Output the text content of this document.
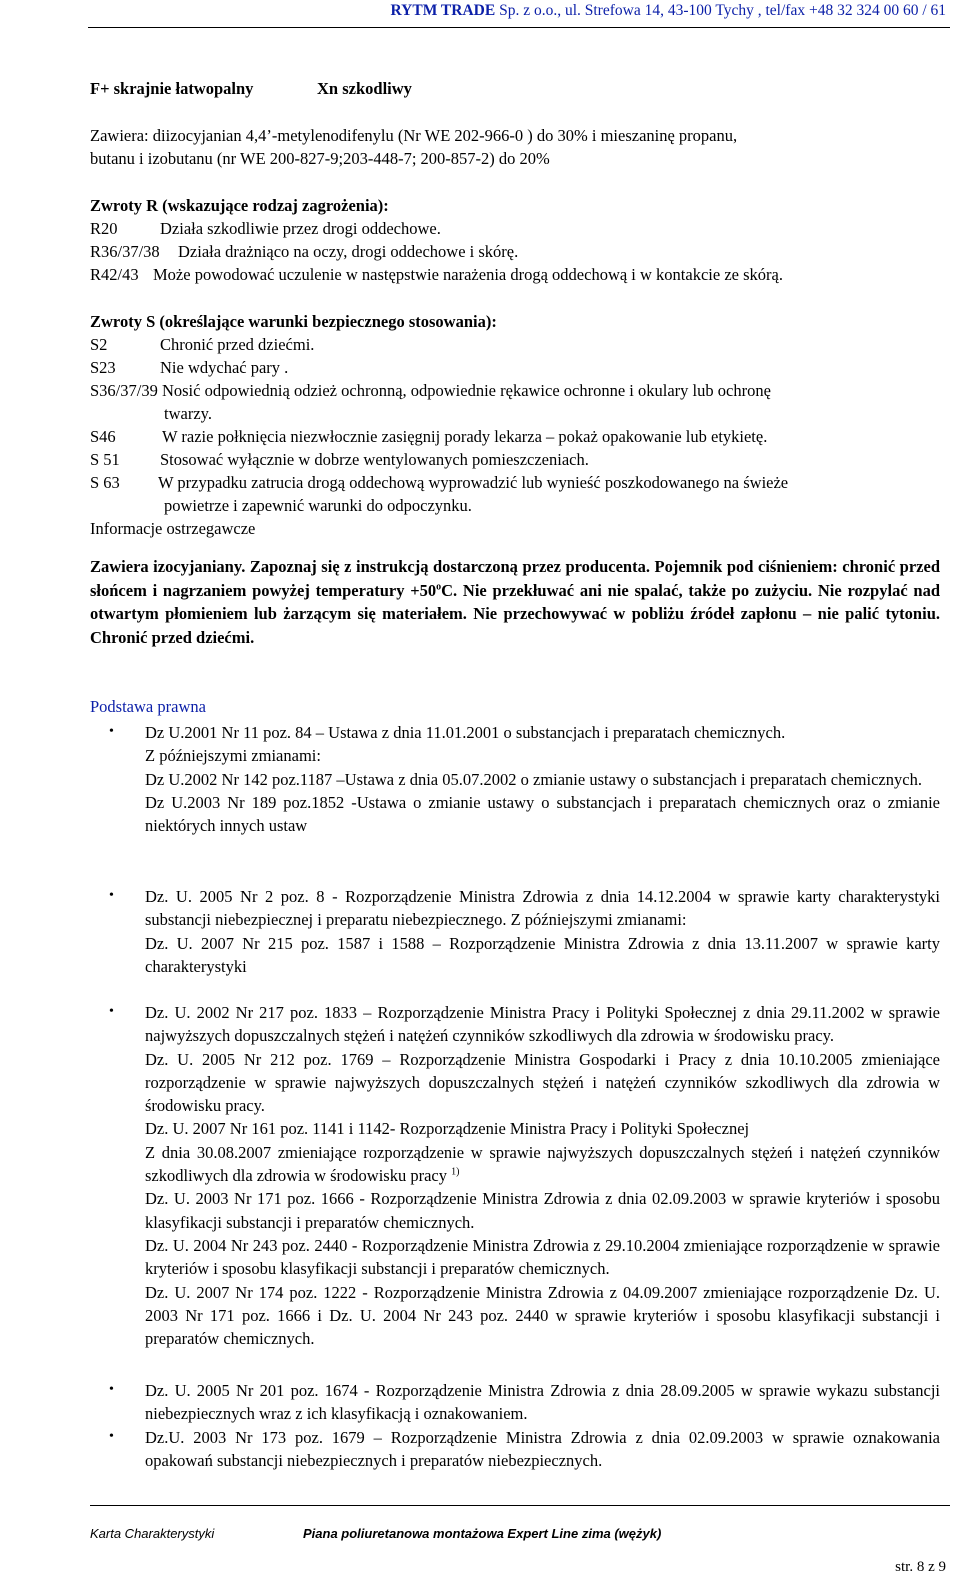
RYTM TRADE Sp. z o.o., ul. Strefowa 14, 43-100 Tychy , tel/fax +48 32 324 00 60 / 61
F+ skrajnie łatwopalny	Xn szkodliwy
Zawiera: diizocyjanian 4,4’-metylenodifenylu (Nr WE 202-966-0 ) do 30% i mieszaninę propanu,
butanu i izobutanu (nr WE 200-827-9;203-448-7; 200-857-2) do 20%
Zwroty R (wskazujące rodzaj zagrożenia):
R20	Działa szkodliwie przez drogi oddechowe.
R36/37/38 Działa drażniąco na oczy, drogi oddechowe i skórę.
R42/43 Może powodować uczulenie w następstwie narażenia drogą oddechową i w kontakcie ze skórą.
Zwroty S (określające warunki bezpiecznego stosowania):
S2	Chronić przed dziećmi.
S23	Nie wdychać pary .
S36/37/39 Nosić odpowiednią odzież ochronną, odpowiednie rękawice ochronne i okulary lub ochronę
twarzy.
S46	W razie połknięcia niezwłocznie zasięgnij porady lekarza – pokaż opakowanie lub etykietę.
S 51 Stosować wyłącznie w dobrze wentylowanych pomieszczeniach.
S 63 W przypadku zatrucia drogą oddechową wyprowadzić lub wynieść poszkodowanego na świeże
powietrze i zapewnić warunki do odpoczynku.
Informacje ostrzegawcze
Zawiera izocyjaniany. Zapoznaj się z instrukcją dostarczoną przez producenta. Pojemnik pod ciśnieniem: chronić przed słońcem i nagrzaniem powyżej temperatury $+50^oC$. Nie przekłuwać ani nie spalać, także po zużyciu. Nie rozpylać nad otwartym płomieniem lub żarzącym się materiałem. Nie przechowywać w pobliżu źródeł zapłonu – nie palić tytoniu. Chronić przed dziećmi.
Podstawa prawna
• Dz U.2001 Nr 11 poz. 84 – Ustawa z dnia 11.01.2001 o substancjach i preparatach chemicznych.
Z późniejszymi zmianami:
Dz U.2002 Nr 142 poz.1187 –Ustawa z dnia 05.07.2002 o zmianie ustawy o substancjach i preparatach chemicznych.
Dz U.2003 Nr 189 poz.1852 -Ustawa o zmianie ustawy o substancjach i preparatach chemicznych oraz o zmianie niektórych innych ustaw
• Dz. U. 2005 Nr 2 poz. 8 - Rozporządzenie Ministra Zdrowia z dnia 14.12.2004 w sprawie karty charakterystyki substancji niebezpiecznej i preparatu niebezpiecznego. Z późniejszymi zmianami:
Dz. U. 2007 Nr 215 poz. 1587 i 1588 – Rozporządzenie Ministra Zdrowia z dnia 13.11.2007 w sprawie karty charakterystyki
• Dz. U. 2002 Nr 217 poz. 1833 – Rozporządzenie Ministra Pracy i Polityki Społecznej z dnia 29.11.2002 w sprawie najwyższych dopuszczalnych stężeń i natężeń czynników szkodliwych dla zdrowia w środowisku pracy.
Dz. U. 2005 Nr 212 poz. 1769 – Rozporządzenie Ministra Gospodarki i Pracy z dnia 10.10.2005 zmieniające rozporządzenie w sprawie najwyższych dopuszczalnych stężeń i natężeń czynników szkodliwych dla zdrowia w środowisku pracy.

Dz. U. 2007 Nr 161 poz. 1141 i 1142- Rozporządzenie Ministra Pracy i Polityki Społecznej
Z dnia 30.08.2007 zmieniające rozporządzenie w sprawie najwyższych dopuszczalnych stężeń i natężeń czynników szkodliwych dla zdrowia w środowisku pracy $^{1)}$
Dz. U. 2003 Nr 171 poz. 1666 - Rozporządzenie Ministra Zdrowia z dnia 02.09.2003 w sprawie kryteriów i sposobu klasyfikacji substancji i preparatów chemicznych.
Dz. U. 2004 Nr 243 poz. 2440 - Rozporządzenie Ministra Zdrowia z 29.10.2004 zmieniające rozporządzenie w sprawie kryteriów i sposobu klasyfikacji substancji i preparatów chemicznych.
Dz. U. 2007 Nr 174 poz. 1222 - Rozporządzenie Ministra Zdrowia z 04.09.2007 zmieniające rozporządzenie Dz. U. 2003 Nr 171 poz. 1666 i Dz. U. 2004 Nr 243 poz. 2440 w sprawie kryteriów i sposobu klasyfikacji substancji i preparatów chemicznych.
• Dz. U. 2005 Nr 201 poz. 1674 - Rozporządzenie Ministra Zdrowia z dnia 28.09.2005 w sprawie wykazu substancji niebezpiecznych wraz z ich klasyfikacją i oznakowaniem.
• Dz.U. 2003 Nr 173 poz. 1679 – Rozporządzenie Ministra Zdrowia z dnia 02.09.2003 w sprawie oznakowania opakowań substancji niebezpiecznych i preparatów niebezpiecznych.
Karta Charakterystyki	Piana poliuretanowa montażowa Expert Line zima (wężyk)
str. 8 z 9
